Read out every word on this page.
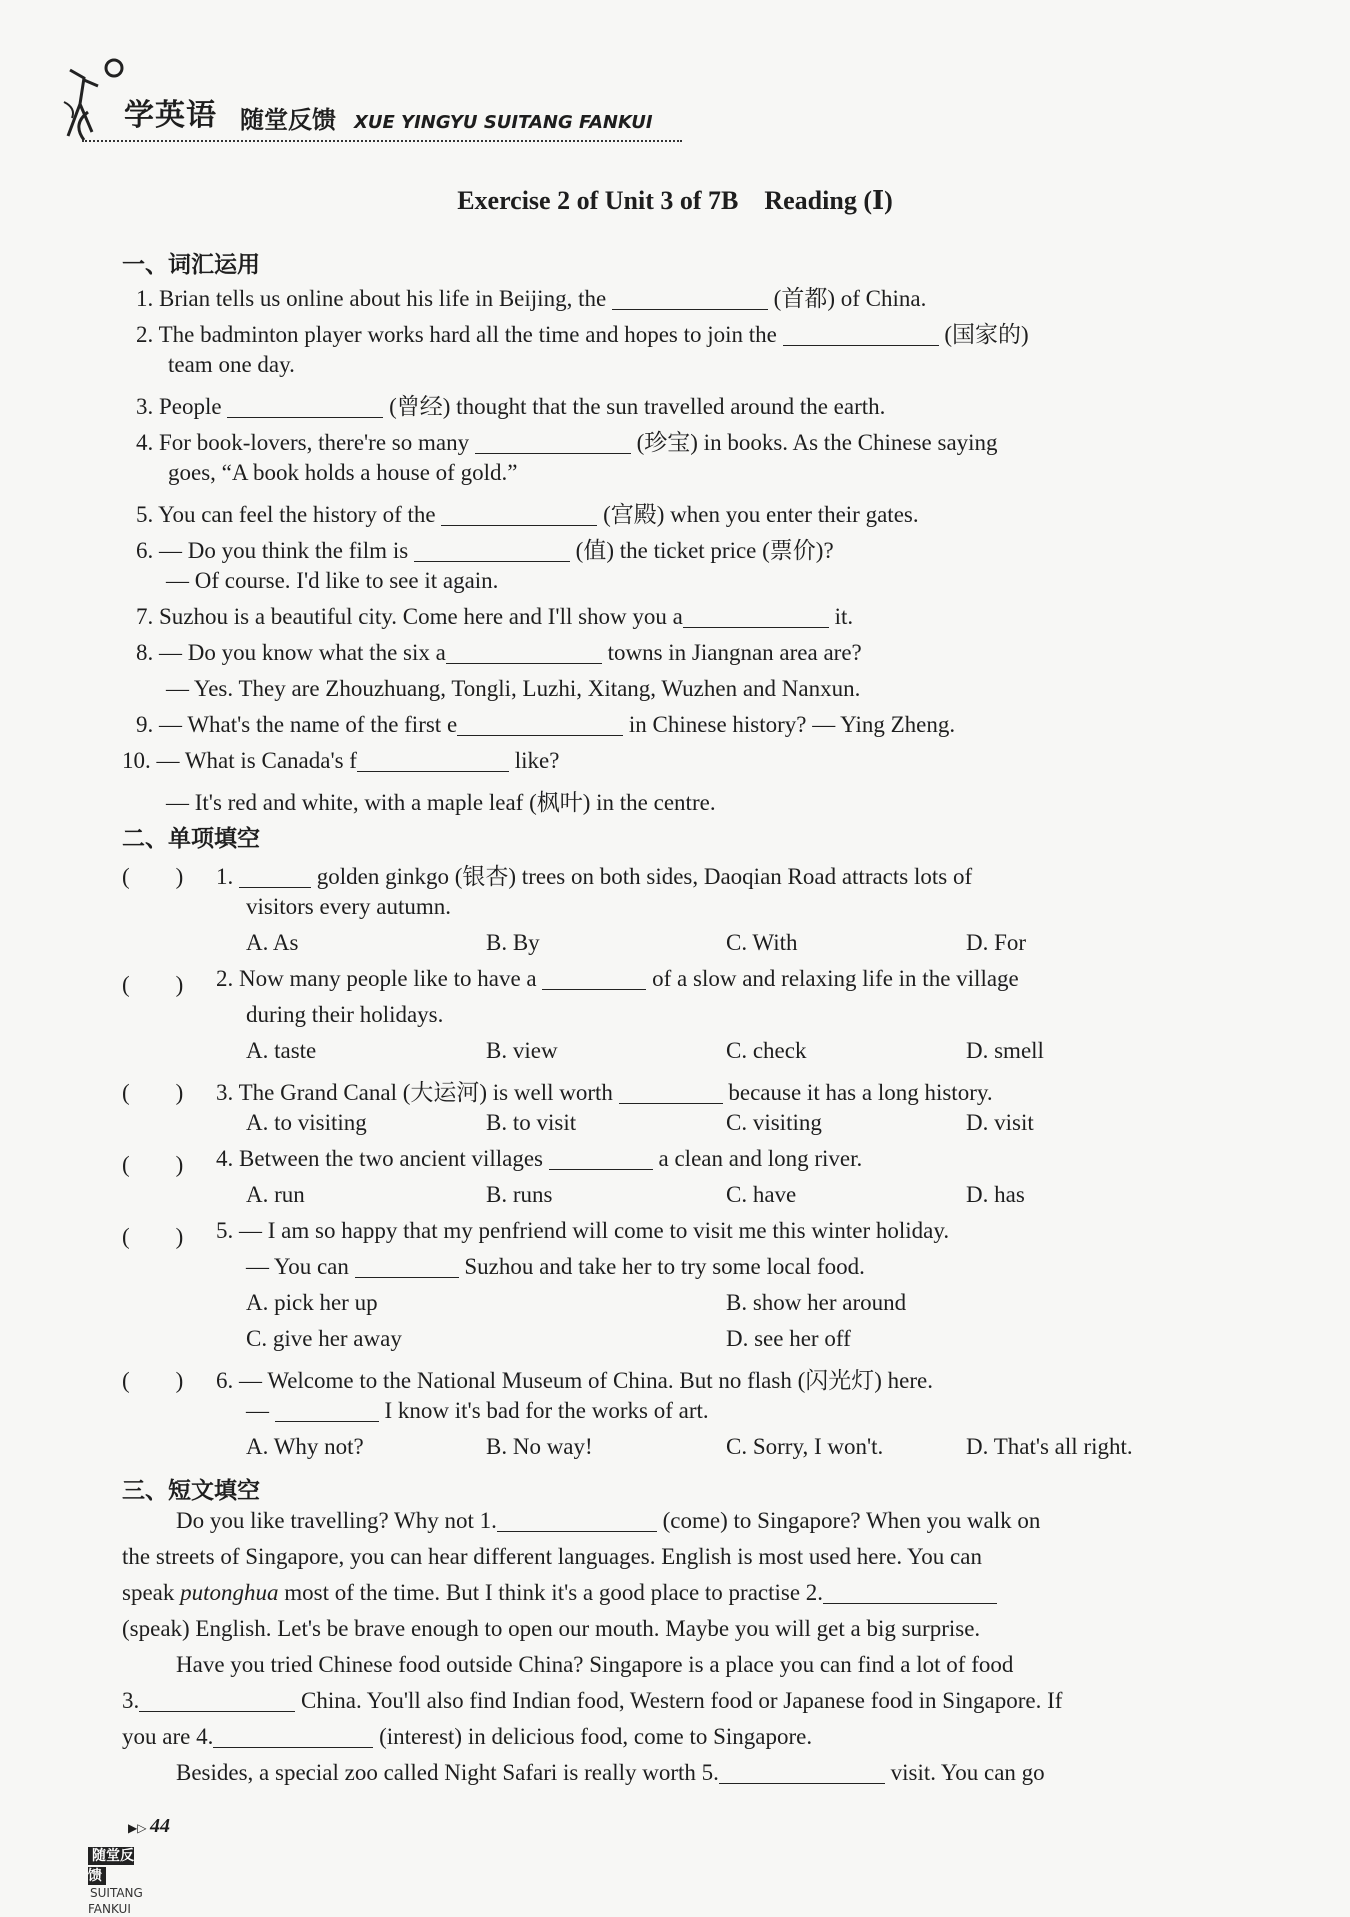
学英语 随堂反馈 XUE YINGYU SUITANG FANKUI
Exercise 2 of Unit 3 of 7B　Reading (Ⅰ)
一、词汇运用
1. Brian tells us online about his life in Beijing, the	(首都) of China.
2. The badminton player works hard all the time and hopes to join the	(国家的)
team one day.
3. People	(曾经) thought that the sun travelled around the earth.
4. For book-lovers, there're so many	(珍宝) in books. As the Chinese saying
goes, “A book holds a house of gold.”
5. You can feel the history of the	(宫殿) when you enter their gates.
6. — Do you think the film is	(值) the ticket price (票价)?
— Of course. I'd like to see it again.
7. Suzhou is a beautiful city. Come here and I'll show you a	it.
8. — Do you know what the six a	towns in Jiangnan area are?
— Yes. They are Zhouzhuang, Tongli, Luzhi, Xitang, Wuzhen and Nanxun.
9. — What's the name of the first e	in Chinese history? — Ying Zheng.
10. — What is Canada's f	like?
— It's red and white, with a maple leaf (枫叶) in the centre.
二、单项填空
(　　) 1.	golden ginkgo (银杏) trees on both sides, Daoqian Road attracts lots of
visitors every autumn.
A. As	B. By	C. With	D. For
(　　) 2. Now many people like to have a	of a slow and relaxing life in the village
during their holidays.
A. taste	B. view	C. check	D. smell
(　　) 3. The Grand Canal (大运河) is well worth	because it has a long history.
A. to visiting	B. to visit	C. visiting	D. visit
(　　) 4. Between the two ancient villages	a clean and long river.
A. run	B. runs	C. have	D. has
(　　) 5. — I am so happy that my penfriend will come to visit me this winter holiday.
— You can	Suzhou and take her to try some local food.
A. pick her up	B. show her around
C. give her away	D. see her off
(　　) 6. — Welcome to the National Museum of China. But no flash (闪光灯) here.
—	I know it's bad for the works of art.
A. Why not?	B. No way!	C. Sorry, I won't.	D. That's all right.
三、短文填空
Do you like travelling? Why not 1.	(come) to Singapore? When you walk on
the streets of Singapore, you can hear different languages. English is most used here. You can
speak putonghua most of the time. But I think it's a good place to practise 2.
(speak) English. Let's be brave enough to open our mouth. Maybe you will get a big surprise.
Have you tried Chinese food outside China? Singapore is a place you can find a lot of food
3.	China. You'll also find Indian food, Western food or Japanese food in Singapore. If
you are 4.	(interest) in delicious food, come to Singapore.
Besides, a special zoo called Night Safari is really worth 5.	visit. You can go
▶▷ 44
随堂反馈SUITANG FANKUI
